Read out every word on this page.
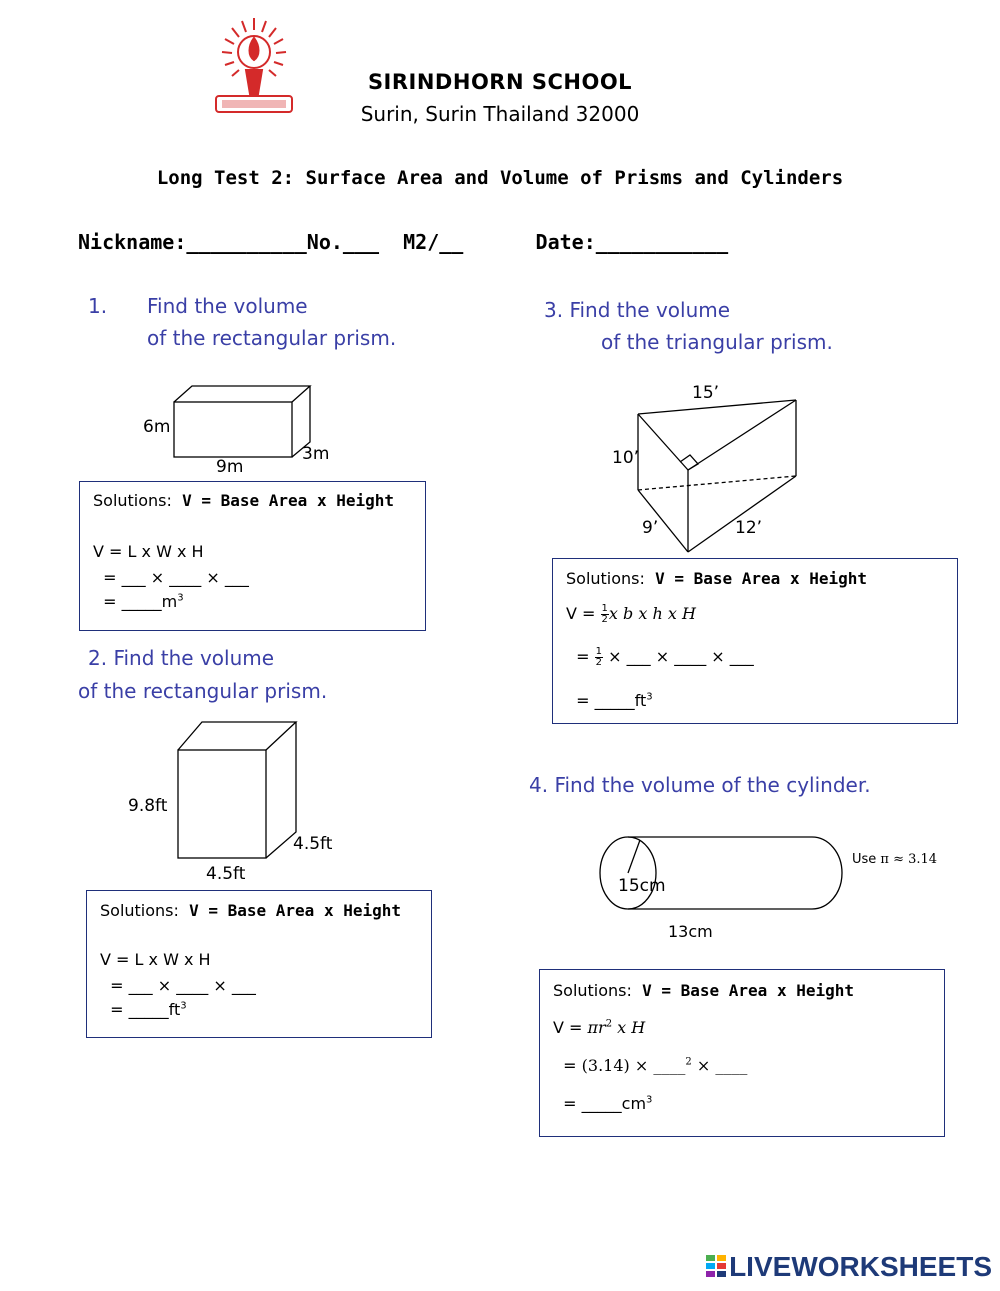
SIRINDHORN SCHOOL
Surin, Surin Thailand 32000
Long Test 2: Surface Area and Volume of Prisms and Cylinders
Nickname:__________No.___  M2/__      Date:___________
1. Find the volume
of the rectangular prism.
6m
9m
3m
Solutions: V = Base Area x Height
V = L x W x H
= ___ × ____ × ___
= $\_\_\_\_\_m^3$
2. Find the volume
of the rectangular prism.
9.8ft
4.5ft
4.5ft
Solutions: V = Base Area x Height
V = L x W x H
= ___ × ____ × ___
= $\_\_\_\_\_ft^3$
3. Find the volume
of the triangular prism.
15’
10’
9’	12’
Solutions: V = Base Area x Height
$V = \frac{1}{2}$ x b x h x H
= $\frac{1}{2}$ × ___ × ____ × ___
= $\_\_\_\_\_ft^3$
4. Find the volume of the cylinder.
Use π ≈ 3.14
15cm
13cm
Solutions: V = Base Area x Height
$V = \pi r^2$ x H
= (3.14) × ____$^2$ × ____
= $\_\_\_\_\_cm^3$
LIVEWORKSHEETS
